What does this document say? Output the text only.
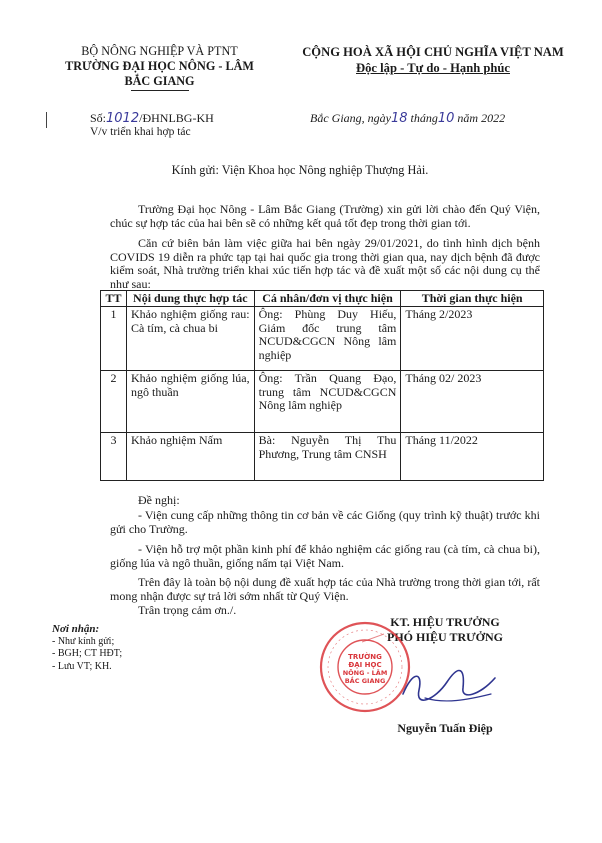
BỘ NÔNG NGHIỆP VÀ PTNT
TRƯỜNG ĐẠI HỌC NÔNG - LÂM
BẮC GIANG
CỘNG HOÀ XÃ HỘI CHỦ NGHĨA VIỆT NAM
Độc lập - Tự do - Hạnh phúc
Số:1012/ĐHNLBG-KH
V/v triển khai hợp tác
Bắc Giang, ngày18 tháng10 năm 2022
Kính gửi: Viện Khoa học Nông nghiệp Thượng Hải.
Trường Đại học Nông - Lâm Bắc Giang (Trường) xin gửi lời chào đến Quý Viện, chúc sự hợp tác của hai bên sẽ có những kết quả tốt đẹp trong thời gian tới.
Căn cứ biên bản làm việc giữa hai bên ngày 29/01/2021, do tình hình dịch bệnh COVIDS 19 diễn ra phức tạp tại hai quốc gia trong thời gian qua, nay dịch bệnh đã được kiểm soát, Nhà trường triển khai xúc tiến hợp tác và đề xuất một số các nội dung cụ thể như sau:
TT	Nội dung thực hợp tác	Cá nhân/đơn vị thực hiện	Thời gian thực hiện
1	Khảo nghiệm giống rau: Cà tím, cà chua bi	Ông: Phùng Duy Hiếu, Giám đốc trung tâm NCUD&CGCN Nông lâm nghiệp	Tháng 2/2023
2	Khảo nghiệm giống lúa, ngô thuần	Ông: Trần Quang Đạo, trung tâm NCUD&CGCN Nông lâm nghiệp	Tháng 02/ 2023
3	Khảo nghiệm Nấm	Bà: Nguyễn Thị Thu Phương, Trung tâm CNSH	Tháng 11/2022
Đề nghị:
- Viện cung cấp những thông tin cơ bản về các Giống (quy trình kỹ thuật) trước khi gửi cho Trường.
- Viện hỗ trợ một phần kinh phí để khảo nghiệm các giống rau (cà tím, cà chua bi), giống lúa và ngô thuần, giống nấm tại Việt Nam.
Trên đây là toàn bộ nội dung đề xuất hợp tác của Nhà trường trong thời gian tới, rất mong nhận được sự trả lời sớm nhất từ Quý Viện.
Trân trọng cảm ơn./.
Nơi nhận:
- Như kính gửi;
- BGH; CT HĐT;
- Lưu VT; KH.
KT. HIỆU TRƯỞNG
PHÓ HIỆU TRƯỞNG
TRƯỜNG
ĐẠI HỌC
NÔNG - LÂM
BẮC GIANG
Nguyễn Tuấn Điệp
